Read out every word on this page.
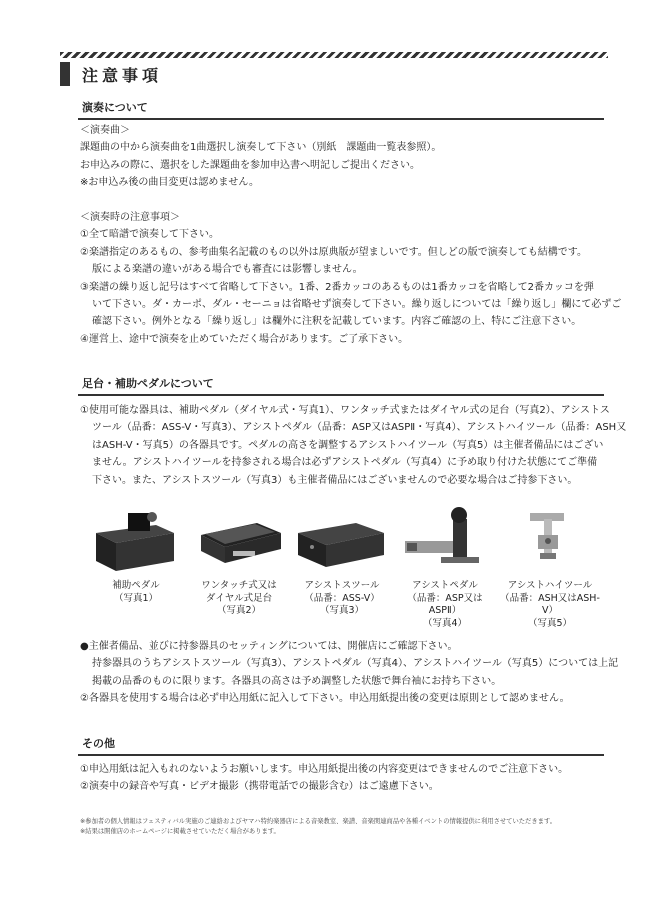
注意事項
演奏について
＜演奏曲＞
課題曲の中から演奏曲を1曲選択し演奏して下さい（別紙　課題曲一覧表参照）。
お申込みの際に、選択をした課題曲を参加申込書へ明記しご提出ください。
※お申込み後の曲目変更は認めません。
＜演奏時の注意事項＞
①全て暗譜で演奏して下さい。
②楽譜指定のあるもの、参考曲集名記載のもの以外は原典版が望ましいです。但しどの版で演奏しても結構です。
版による楽譜の違いがある場合でも審査には影響しません。
③楽譜の繰り返し記号はすべて省略して下さい。1番、2番カッコのあるものは1番カッコを省略して2番カッコを弾
いて下さい。ダ・カーポ、ダル・セーニョは省略せず演奏して下さい。繰り返しについては「繰り返し」欄にて必ずご
確認下さい。例外となる「繰り返し」は欄外に注釈を記載しています。内容ご確認の上、特にご注意下さい。
④運営上、途中で演奏を止めていただく場合があります。ご了承下さい。
足台・補助ペダルについて
①使用可能な器具は、補助ペダル（ダイヤル式・写真1）、ワンタッチ式またはダイヤル式の足台（写真2）、アシストス
ツール（品番：ASS-V・写真3）、アシストペダル（品番：ASP又はASPⅡ・写真4）、アシストハイツール（品番：ASH又
はASH-V・写真5）の各器具です。ペダルの高さを調整するアシストハイツール（写真5）は主催者備品にはござい
ません。アシストハイツールを持参される場合は必ずアシストペダル（写真4）に予め取り付けた状態にてご準備
下さい。また、アシストスツール（写真3）も主催者備品にはございませんので必要な場合はご持参下さい。
補助ペダル
（写真1）
ワンタッチ式又は
ダイヤル式足台
（写真2）
アシストスツール
（品番：ASS-V）
（写真3）
アシストペダル
（品番：ASP又はASPⅡ）
（写真4）
アシストハイツール
（品番：ASH又はASH-V）
（写真5）
●主催者備品、並びに持参器具のセッティングについては、開催店にご確認下さい。
持参器具のうちアシストスツール（写真3）、アシストペダル（写真4）、アシストハイツール（写真5）については上記
掲載の品番のものに限ります。各器具の高さは予め調整した状態で舞台袖にお持ち下さい。
②各器具を使用する場合は必ず申込用紙に記入して下さい。申込用紙提出後の変更は原則として認めません。
その他
①申込用紙は記入もれのないようお願いします。申込用紙提出後の内容変更はできませんのでご注意下さい。
②演奏中の録音や写真・ビデオ撮影（携帯電話での撮影含む）はご遠慮下さい。
※参加者の個人情報はフェスティバル実施のご連絡およびヤマハ特約楽器店による音楽教室、楽譜、音楽関連商品や各種イベントの情報提供に利用させていただきます。
※結果は開催店のホームページに掲載させていただく場合があります。
